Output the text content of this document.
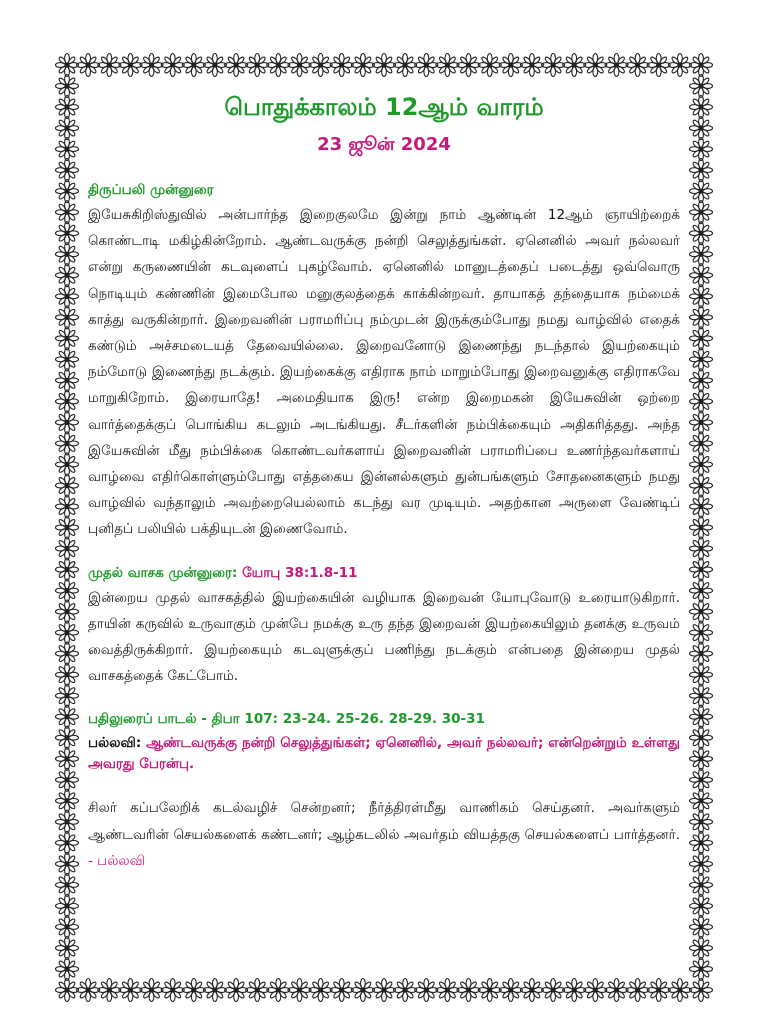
பொதுக்காலம் 12ஆம் வாரம்

23 ஜூன் 2024

திருப்பலி முன்னுரை

இயேசுகிறிஸ்துவில் அன்பார்ந்த இறைகுலமே இன்று நாம் ஆண்டின் 12ஆம் ஞாயிற்றைக் கொண்டாடி மகிழ்கின்றோம். ஆண்டவருக்கு நன்றி செலுத்துங்கள். ஏனெனில் அவர் நல்லவர் என்று கருணையின் கடவுளைப் புகழ்வோம். ஏனெனில் மானுடத்தைப் படைத்து ஒவ்வொரு நொடியும் கண்ணின் இமைபோல மனுகுலத்தைக் காக்கின்றவர். தாயாகத் தந்தையாக நம்மைக் காத்து வருகின்றார். இறைவனின் பராமரிப்பு நம்முடன் இருக்கும்போது நமது வாழ்வில் எதைக் கண்டும் அச்சமடையத் தேவையில்லை. இறைவனோடு இணைந்து நடந்தால் இயற்கையும் நம்மோடு இணைந்து நடக்கும். இயற்கைக்கு எதிராக நாம் மாறும்போது இறைவனுக்கு எதிராகவே மாறுகிறோம். இரையாதே! அமைதியாக இரு! என்ற இறைமகன் இயேசுவின் ஒற்றை வார்த்தைக்குப் பொங்கிய கடலும் அடங்கியது. சீடர்களின் நம்பிக்கையும் அதிகரித்தது. அந்த இயேசுவின் மீது நம்பிக்கை கொண்டவர்களாய் இறைவனின் பராமரிப்பை உணர்ந்தவர்களாய் வாழ்வை எதிர்கொள்ளும்போது எத்தகைய இன்னல்களும் துன்பங்களும் சோதனைகளும் நமது வாழ்வில் வந்தாலும் அவற்றையெல்லாம் கடந்து வர முடியும். அதற்கான அருளை வேண்டிப் புனிதப் பலியில் பக்தியுடன் இணைவோம்.

முதல் வாசக முன்னுரை: யோபு 38:1.8-11

இன்றைய முதல் வாசகத்தில் இயற்கையின் வழியாக இறைவன் யோபுவோடு உரையாடுகிறார். தாயின் கருவில் உருவாகும் முன்பே நமக்கு உரு தந்த இறைவன் இயற்கையிலும் தனக்கு உருவம் வைத்திருக்கிறார். இயற்கையும் கடவுளுக்குப் பணிந்து நடக்கும் என்பதை இன்றைய முதல் வாசகத்தைக் கேட்போம்.

பதிலுரைப் பாடல் - திபா 107: 23-24. 25-26. 28-29. 30-31

பல்லவி: ஆண்டவருக்கு நன்றி செலுத்துங்கள்; ஏனெனில், அவர் நல்லவர்; என்றென்றும் உள்ளது அவரது பேரன்பு.

சிலர் கப்பலேறிக் கடல்வழிச் சென்றனர்; நீர்த்திரள்மீது வாணிகம் செய்தனர். அவர்களும் ஆண்டவரின் செயல்களைக் கண்டனர்; ஆழ்கடலில் அவர்தம் வியத்தகு செயல்களைப் பார்த்தனர். - பல்லவி
